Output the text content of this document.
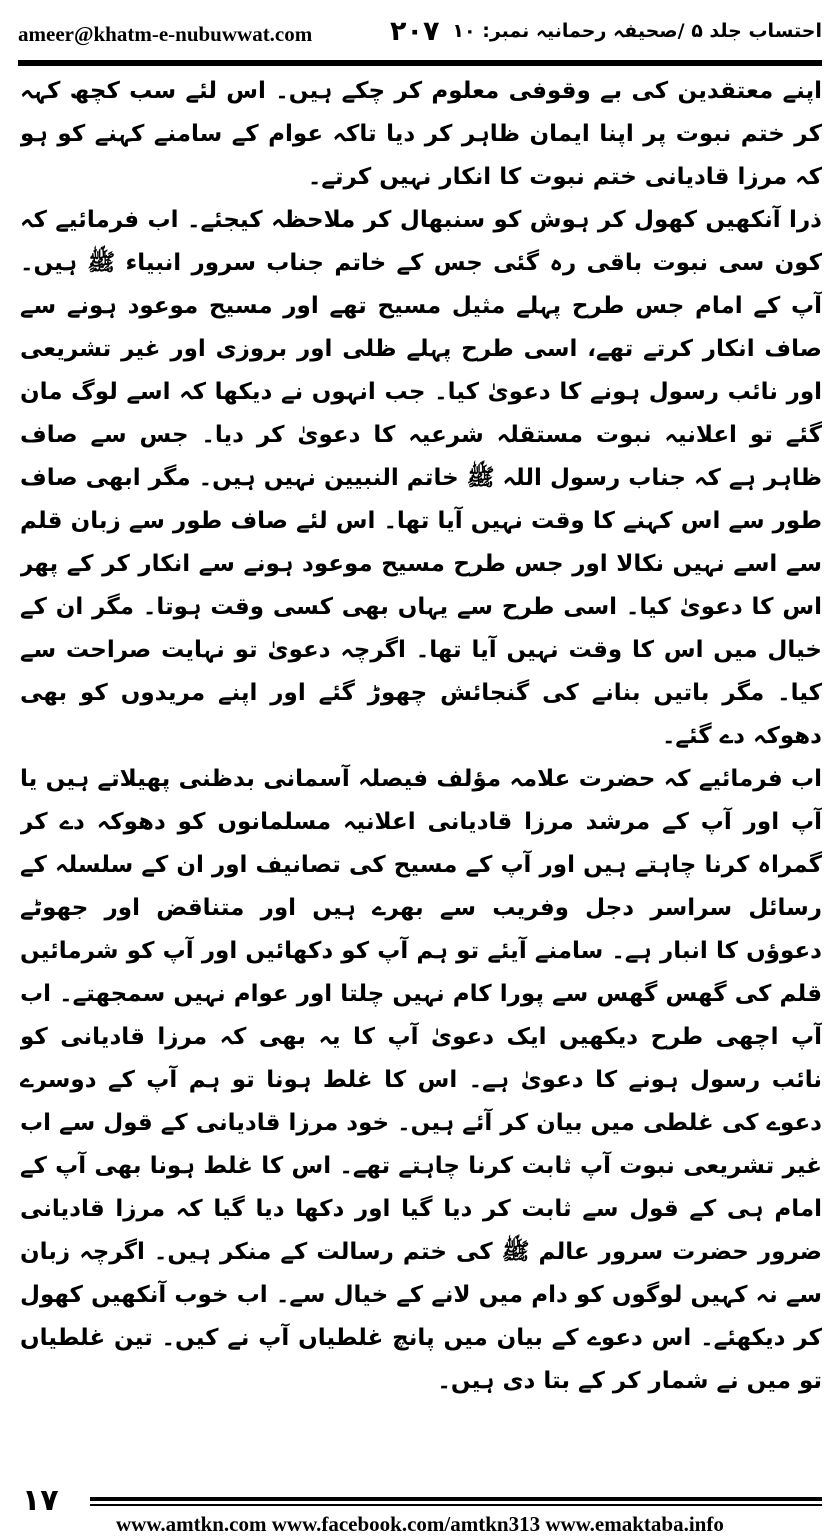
ameer@khatm-e-nubuwwat.com	۲۰۷ احتساب جلد ۵ /صحیفہ رحمانیہ نمبر: ۱۰

اپنے معتقدین کی بے وقوفی معلوم کر چکے ہیں۔ اس لئے سب کچھ کہہ کر ختم نبوت پر اپنا ایمان ظاہر کر دیا تاکہ عوام کے سامنے کہنے کو ہو کہ مرزا قادیانی ختم نبوت کا انکار نہیں کرتے۔

ذرا آنکھیں کھول کر ہوش کو سنبھال کر ملاحظہ کیجئے۔ اب فرمائیے کہ کون سی نبوت باقی رہ گئی جس کے خاتم جناب سرور انبیاء ﷺ ہیں۔ آپ کے امام جس طرح پہلے مثیل مسیح تھے اور مسیح موعود ہونے سے صاف انکار کرتے تھے، اسی طرح پہلے ظلی اور بروزی اور غیر تشریعی اور نائب رسول ہونے کا دعویٰ کیا۔ جب انہوں نے دیکھا کہ اسے لوگ مان گئے تو اعلانیہ نبوت مستقلہ شرعیہ کا دعویٰ کر دیا۔ جس سے صاف ظاہر ہے کہ جناب رسول اللہ ﷺ خاتم النبیین نہیں ہیں۔ مگر ابھی صاف طور سے اس کہنے کا وقت نہیں آیا تھا۔ اس لئے صاف طور سے زبان قلم سے اسے نہیں نکالا اور جس طرح مسیح موعود ہونے سے انکار کر کے پھر اس کا دعویٰ کیا۔ اسی طرح سے یہاں بھی کسی وقت ہوتا۔ مگر ان کے خیال میں اس کا وقت نہیں آیا تھا۔ اگرچہ دعویٰ تو نہایت صراحت سے کیا۔ مگر باتیں بنانے کی گنجائش چھوڑ گئے اور اپنے مریدوں کو بھی دھوکہ دے گئے۔

اب فرمائیے کہ حضرت علامہ مؤلف فیصلہ آسمانی بدظنی پھیلاتے ہیں یا آپ اور آپ کے مرشد مرزا قادیانی اعلانیہ مسلمانوں کو دھوکہ دے کر گمراہ کرنا چاہتے ہیں اور آپ کے مسیح کی تصانیف اور ان کے سلسلہ کے رسائل سراسر دجل وفریب سے بھرے ہیں اور متناقض اور جھوٹے دعوؤں کا انبار ہے۔ سامنے آیئے تو ہم آپ کو دکھائیں اور آپ کو شرمائیں قلم کی گھس گھس سے پورا کام نہیں چلتا اور عوام نہیں سمجھتے۔ اب آپ اچھی طرح دیکھیں ایک دعویٰ آپ کا یہ بھی کہ مرزا قادیانی کو نائب رسول ہونے کا دعویٰ ہے۔ اس کا غلط ہونا تو ہم آپ کے دوسرے دعوے کی غلطی میں بیان کر آئے ہیں۔ خود مرزا قادیانی کے قول سے اب غیر تشریعی نبوت آپ ثابت کرنا چاہتے تھے۔ اس کا غلط ہونا بھی آپ کے امام ہی کے قول سے ثابت کر دیا گیا اور دکھا دیا گیا کہ مرزا قادیانی ضرور حضرت سرور عالم ﷺ کی ختم رسالت کے منکر ہیں۔ اگرچہ زبان سے نہ کہیں لوگوں کو دام میں لانے کے خیال سے۔ اب خوب آنکھیں کھول کر دیکھئے۔ اس دعوے کے بیان میں پانچ غلطیاں آپ نے کیں۔ تین غلطیاں تو میں نے شمار کر کے بتا دی ہیں۔

۱۷
www.amtkn.com www.facebook.com/amtkn313 www.emaktaba.info
